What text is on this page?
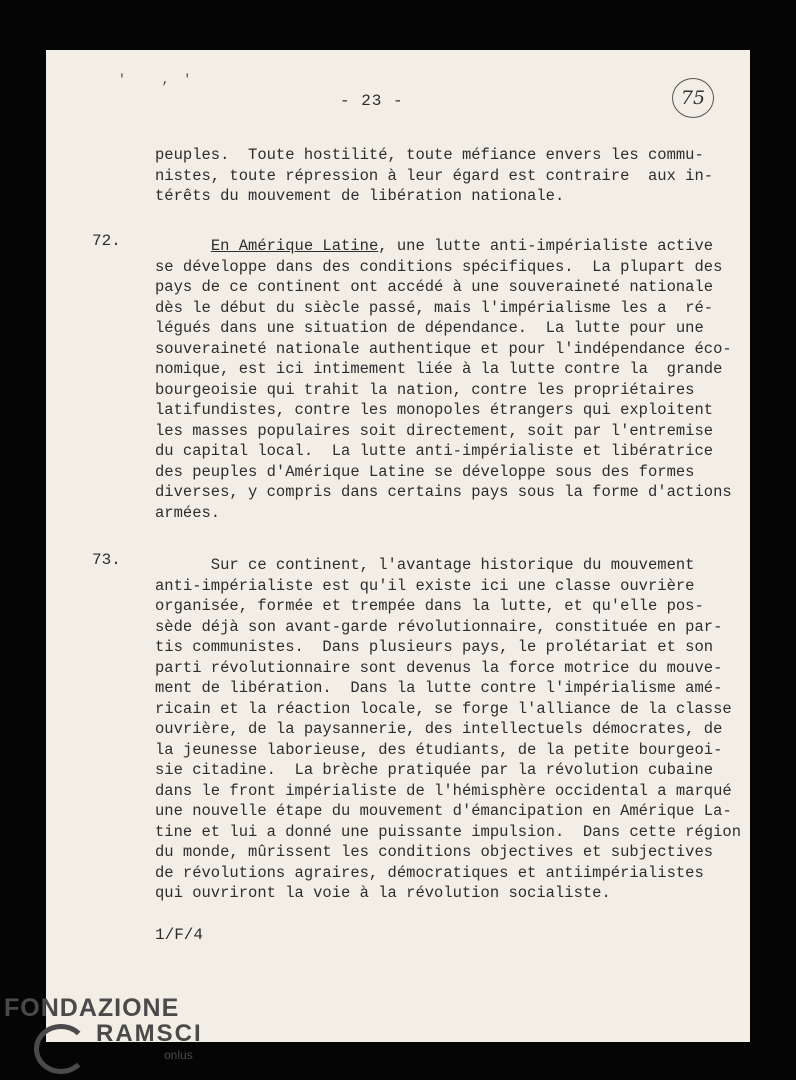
' ,'
- 23 -	75
peuples.  Toute hostilité, toute méfiance envers les commu-
nistes, toute répression à leur égard est contraire  aux in-
térêts du mouvement de libération nationale.
72.	En Amérique Latine, une lutte anti-impérialiste active
se développe dans des conditions spécifiques.  La plupart des
pays de ce continent ont accédé à une souveraineté nationale
dès le début du siècle passé, mais l'impérialisme les a  ré-
légués dans une situation de dépendance.  La lutte pour une
souveraineté nationale authentique et pour l'indépendance éco-
nomique, est ici intimement liée à la lutte contre la  grande
bourgeoisie qui trahit la nation, contre les propriétaires
latifundistes, contre les monopoles étrangers qui exploitent
les masses populaires soit directement, soit par l'entremise
du capital local.  La lutte anti-impérialiste et libératrice
des peuples d'Amérique Latine se développe sous des formes
diverses, y compris dans certains pays sous la forme d'actions
armées.
73. Sur ce continent, l'avantage historique du mouvement
anti-impérialiste est qu'il existe ici une classe ouvrière
organisée, formée et trempée dans la lutte, et qu'elle pos-
sède déjà son avant-garde révolutionnaire, constituée en par-
tis communistes.  Dans plusieurs pays, le prolétariat et son
parti révolutionnaire sont devenus la force motrice du mouve-
ment de libération.  Dans la lutte contre l'impérialisme amé-
ricain et la réaction locale, se forge l'alliance de la classe
ouvrière, de la paysannerie, des intellectuels démocrates, de
la jeunesse laborieuse, des étudiants, de la petite bourgeoi-
sie citadine.  La brèche pratiquée par la révolution cubaine
dans le front impérialiste de l'hémisphère occidental a marqué
une nouvelle étape du mouvement d'émancipation en Amérique La-
tine et lui a donné une puissante impulsion.  Dans cette région
du monde, mûrissent les conditions objectives et subjectives
de révolutions agraires, démocratiques et antiimpérialistes
qui ouvriront la voie à la révolution socialiste.
1/F/4
FONDAZIONE
RAMSCI
onlus
